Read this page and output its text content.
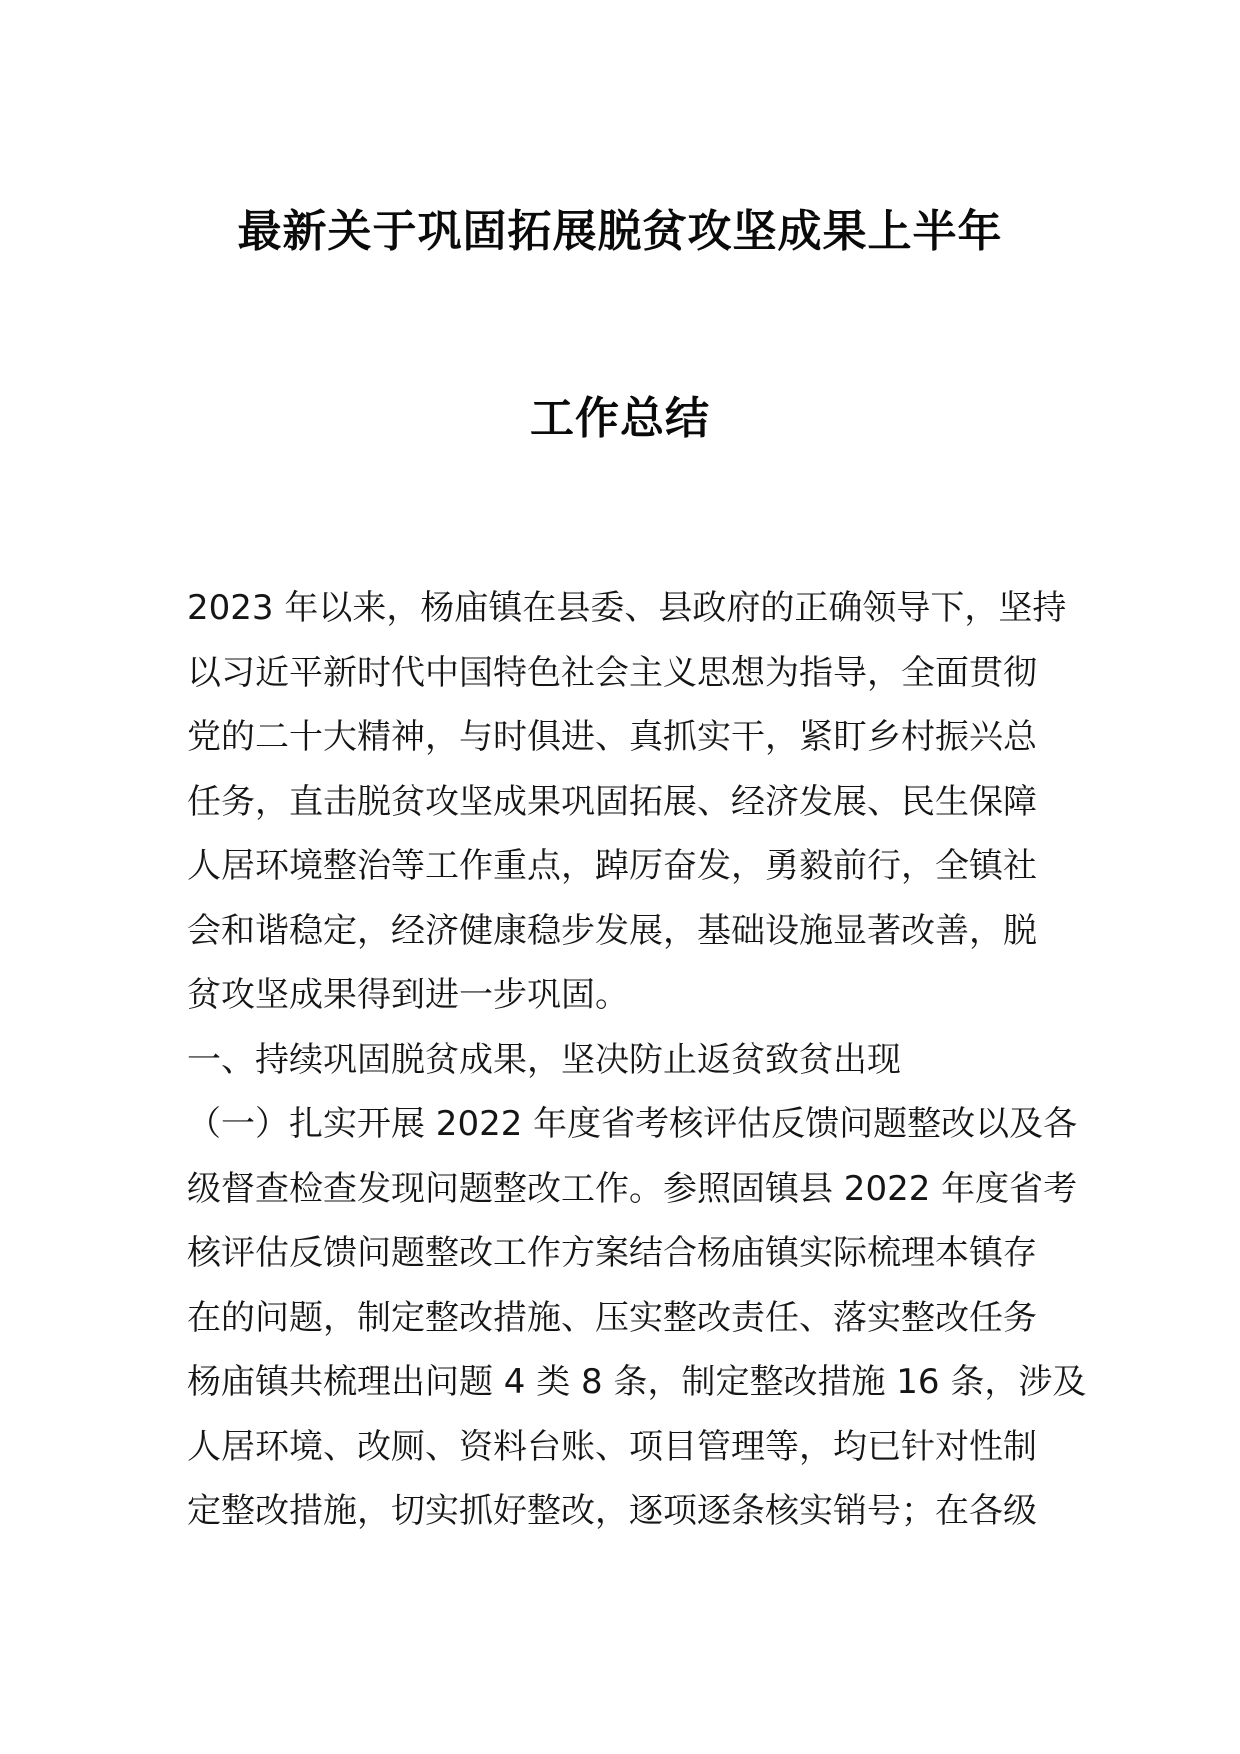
最新关于巩固拓展脱贫攻坚成果上半年
工作总结
2023 年以来，杨庙镇在县委、县政府的正确领导下，坚持
以习近平新时代中国特色社会主义思想为指导，全面贯彻
党的二十大精神，与时俱进、真抓实干，紧盯乡村振兴总
任务，直击脱贫攻坚成果巩固拓展、经济发展、民生保障
人居环境整治等工作重点，踔厉奋发，勇毅前行，全镇社
会和谐稳定，经济健康稳步发展，基础设施显著改善，脱
贫攻坚成果得到进一步巩固。
一、持续巩固脱贫成果，坚决防止返贫致贫出现
（一）扎实开展 2022 年度省考核评估反馈问题整改以及各
级督查检查发现问题整改工作。参照固镇县 2022 年度省考
核评估反馈问题整改工作方案结合杨庙镇实际梳理本镇存
在的问题，制定整改措施、压实整改责任、落实整改任务
杨庙镇共梳理出问题 4 类 8 条，制定整改措施 16 条，涉及
人居环境、改厕、资料台账、项目管理等，均已针对性制
定整改措施，切实抓好整改，逐项逐条核实销号；在各级
